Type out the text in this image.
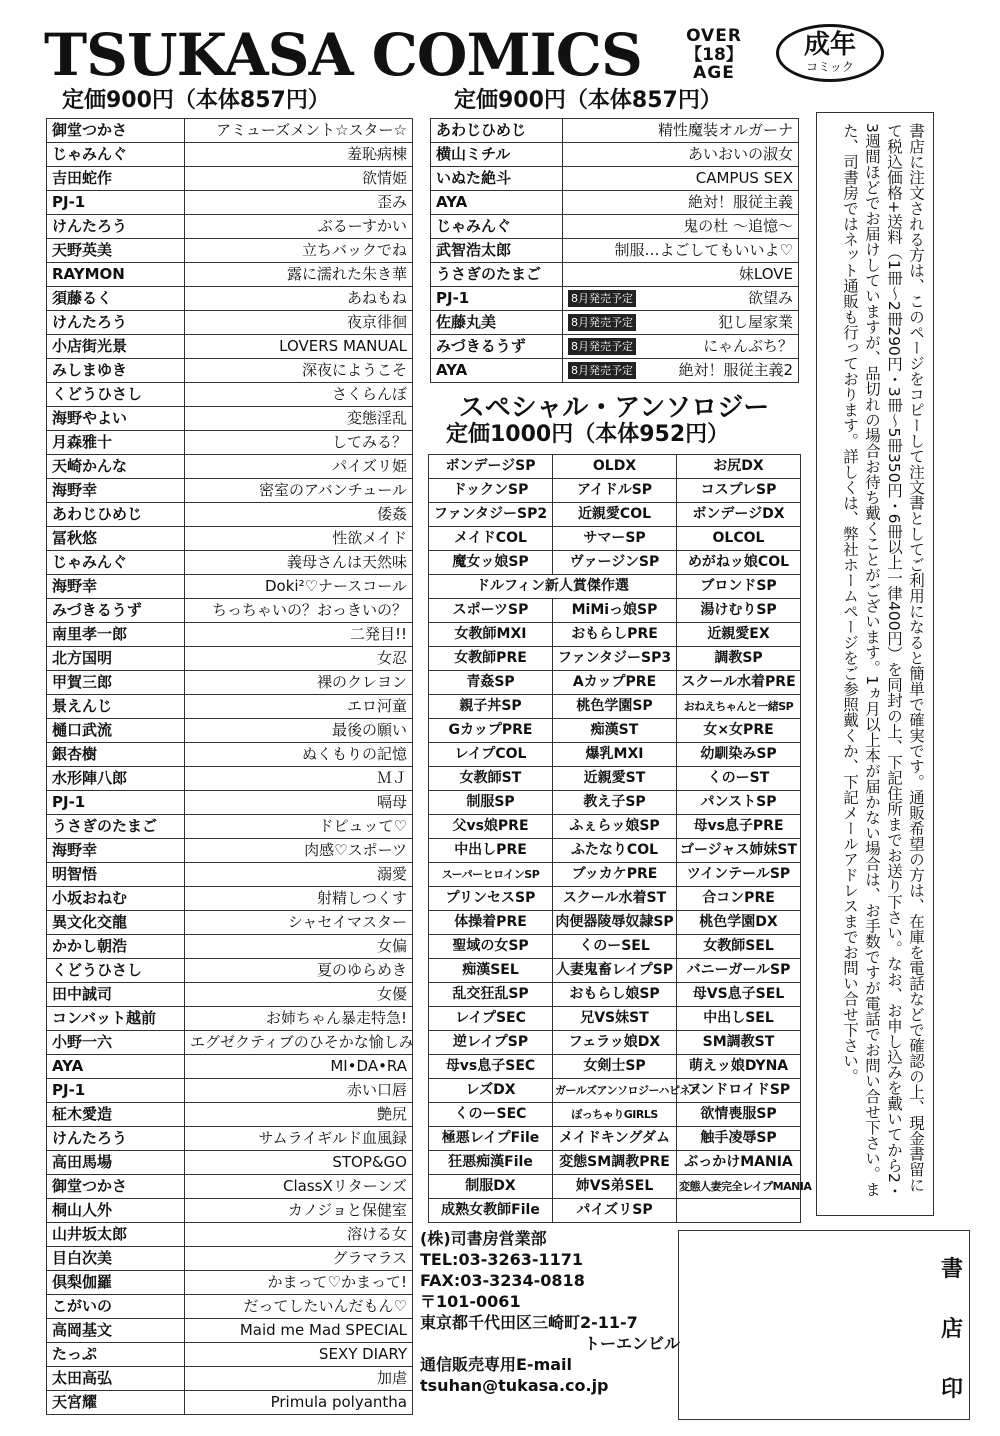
TSUKASA COMICS	OVER
【18】
AGE
成年
コミック
定価900円（本体857円）	定価900円（本体857円）
御堂つかさ	アミューズメント☆スター☆
じゃみんぐ	羞恥病棟
吉田蛇作	欲情姫
PJ-1	歪み
けんたろう	ぶるーすかい
天野英美	立ちバックでね
RAYMON	露に濡れた朱き華
須藤るく	あねもね
けんたろう	夜京徘徊
小店街光景	LOVERS MANUAL
みしまゆき	深夜にようこそ
くどうひさし	さくらんぼ
海野やよい	変態淫乱
月森雅十	してみる？
天崎かんな	パイズリ姫
海野幸	密室のアバンチュール
あわじひめじ	倭姦
冨秋悠	性欲メイド
じゃみんぐ	義母さんは天然味
海野幸	Doki²♡ナースコール
みづきるうず	ちっちゃいの？おっきいの？
南里孝一郎	二発目!!
北方国明	女忍
甲賀三郎	裸のクレヨン
景えんじ	エロ河童
樋口武流	最後の願い
銀杏樹	ぬくもりの記憶
水形陣八郎	ＭＪ
PJ-1	嗝母
うさぎのたまご	ドピュッて♡
海野幸	肉感♡スポーツ
明智悟	溺愛
小坂おねむ	射精しつくす
異文化交龍	シャセイマスター
かかし朝浩	女偏
くどうひさし	夏のゆらめき
田中誠司	女優
コンバット越前	お姉ちゃん暴走特急!
小野一六	エグゼクティブのひそかな愉しみ
AYA	MI•DA•RA
PJ-1	赤い口唇
柾木愛造	艶尻
けんたろう	サムライギルド血風録
高田馬場	STOP&GO
御堂つかさ	ClassXリターンズ
桐山人外	カノジョと保健室
山井坂太郎	溶ける女
目白次美	グラマラス
倶梨伽羅	かまって♡かまって!
こがいの	だってしたいんだもん♡
高岡基文	Maid me Mad SPECIAL
たっぷ	SEXY DIARY
太田高弘	加虐
天宮耀	Primula polyantha
あわじひめじ	精性魔装オルガーナ
横山ミチル	あいおいの淑女
いぬた絶斗	CAMPUS SEX
AYA	絶対！服従主義
じゃみんぐ	鬼の杜 ～追憶～
武智浩太郎	制服…よごしてもいいよ♡
うさぎのたまご	妹LOVE
PJ-1	8月発売予定 欲望み
佐藤丸美	8月発売予定 犯し屋家業
みづきるうず	8月発売予定 にゃんぶち？
AYA	8月発売予定 絶対！服従主義2
スペシャル・アンソロジー
定価1000円（本体952円）
ボンデージSP	OLDX	お尻DX
ドックンSP	アイドルSP	コスプレSP
ファンタジーSP2	近親愛COL	ボンデージDX
メイドCOL	サマーSP	OLCOL
魔女ッ娘SP	ヴァージンSP	めがねッ娘COL
ドルフィン新人賞傑作選		ブロンドSP
スポーツSP	MiMiっ娘SP	湯けむりSP
女教師MXI	おもらしPRE	近親愛EX
女教師PRE	ファンタジーSP3	調教SP
青姦SP	AカップPRE	スクール水着PRE
親子丼SP	桃色学園SP	おねえちゃんと一緒SP
GカップPRE	痴漢ST	女×女PRE
レイプCOL	爆乳MXI	幼馴染みSP
女教師ST	近親愛ST	くのーST
制服SP	教え子SP	パンストSP
父vs娘PRE	ふぇらッ娘SP	母vs息子PRE
中出しPRE	ふたなりCOL	ゴージャス姉妹ST
スーパーヒロインSP	ブッカケPRE	ツインテールSP
プリンセスSP	スクール水着ST	合コンPRE
体操着PRE	肉便器陵辱奴隷SP	桃色学園DX
聖域の女SP	くのーSEL	女教師SEL
痴漢SEL	人妻鬼畜レイプSP	バニーガールSP
乱交狂乱SP	おもらし娘SP	母VS息子SEL
レイプSEC	兄VS妹ST	中出しSEL
逆レイプSP	フェラッ娘DX	SM調教ST
母vs息子SEC	女剣士SP	萌えッ娘DYNA
レズDX	ガールズアンソロジーハピネス	アンドロイドSP
くのーSEC	ぽっちゃりGIRLS	欲情喪服SP
極悪レイプFile	メイドキングダム	触手凌辱SP
狂悪痴漢File	変態SM調教PRE	ぶっかけMANIA
制服DX	姉VS弟SEL	変態人妻完全レイプMANIA
成熟女教師File	パイズリSP	
書店に注文される方は、このページをコピーして注文書としてご利用になると簡単で確実です。通販希望の方は、在庫を電話などで確認の上、現金書留にて税込価格+送料（1冊～2冊290円・3冊～5冊350円・6冊以上一律400円）を同封の上、下記住所までお送り下さい。なお、お申し込みを戴いてから2・3週間ほどでお届けしていますが、品切れの場合お待ち戴くことがございます。1ヵ月以上本が届かない場合は、お手数ですが電話でお問い合せ下さい。また、司書房ではネット通販も行っております。詳しくは、弊社ホームページをご参照戴くか、下記メールアドレスまでお問い合せ下さい。
(株)司書房営業部
TEL:03-3263-1171
FAX:03-3234-0818
〒101-0061
東京都千代田区三崎町2-11-7
トーエンビル
通信販売専用E-mail
tsuhan@tukasa.co.jp
書
店
印
